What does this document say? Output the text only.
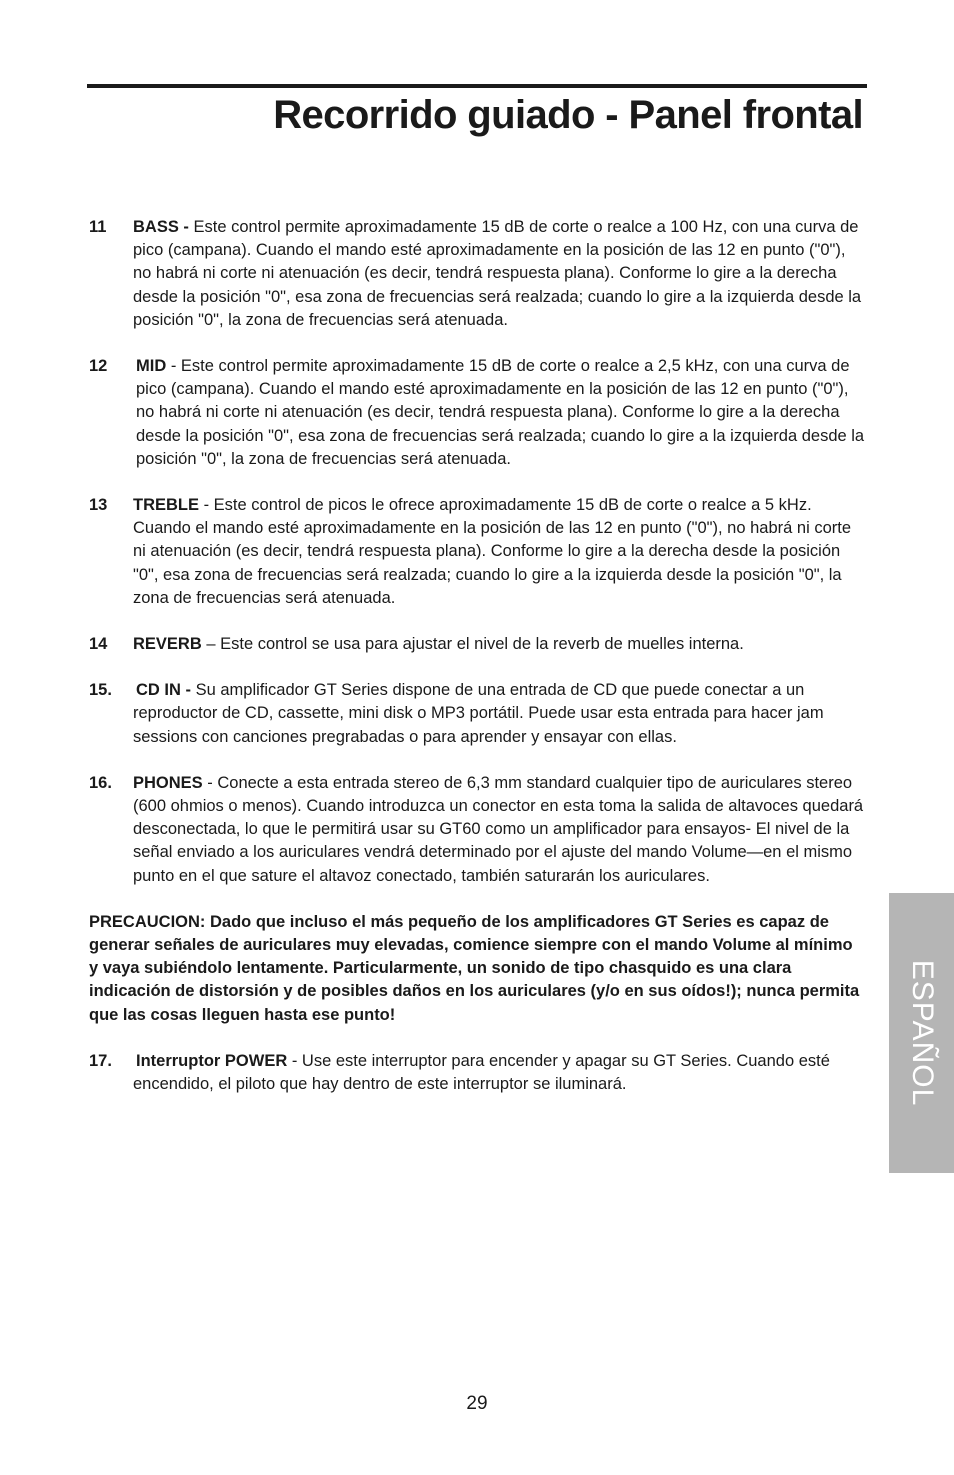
Recorrido guiado - Panel frontal
11	BASS - Este control permite aproximadamente 15 dB de corte o realce a 100 Hz, con una curva de pico (campana). Cuando el mando esté aproximadamente en la posición de las 12 en punto ("0"), no habrá ni corte ni atenuación (es decir, tendrá respuesta plana). Conforme lo gire a la derecha desde la posición "0", esa zona de frecuencias será realzada; cuando lo gire a la izquierda desde la posición "0", la zona de frecuencias será atenuada.
12	MID - Este control permite aproximadamente 15 dB de corte o realce a 2,5 kHz, con una curva de pico (campana). Cuando el mando esté aproximadamente en la posición de las 12 en punto ("0"), no habrá ni corte ni atenuación (es decir, tendrá respuesta plana). Conforme lo gire a la derecha desde la posición "0", esa zona de frecuencias será realzada; cuando lo gire a la izquierda desde la posición "0", la zona de frecuencias será atenuada.
13	TREBLE - Este control de picos le ofrece aproximadamente 15 dB de corte o realce a 5 kHz. Cuando el mando esté aproximadamente en la posición de las 12 en punto ("0"), no habrá ni corte ni atenuación (es decir, tendrá respuesta plana). Conforme lo gire a la derecha desde la posición "0", esa zona de frecuencias será realzada; cuando lo gire a la izquierda desde la posición "0", la zona de frecuencias será atenuada.
14	REVERB – Este control se usa para ajustar el nivel de la reverb de muelles interna.
15.	CD IN - Su amplificador GT Series dispone de una entrada de CD que puede conectar a un reproductor de CD, cassette, mini disk o MP3 portátil. Puede usar esta entrada para hacer jam sessions con canciones pregrabadas o para aprender y ensayar con ellas.
16.	PHONES - Conecte a esta entrada stereo de 6,3 mm standard cualquier tipo de auriculares stereo (600 ohmios o menos). Cuando introduzca un conector en esta toma la salida de altavoces quedará desconectada, lo que le permitirá usar su GT60 como un amplificador para ensayos- El nivel de la señal enviado a los auriculares vendrá determinado por el ajuste del mando Volume—en el mismo punto en el que sature el altavoz conectado, también saturarán los auriculares.

PRECAUCION: Dado que incluso el más pequeño de los amplificadores GT Series es capaz de generar señales de auriculares muy elevadas, comience siempre con el mando Volume al mínimo y vaya subiéndolo lentamente. Particularmente, un sonido de tipo chasquido es una clara indicación de distorsión y de posibles daños en los auriculares (y/o en sus oídos!); nunca permita que las cosas lleguen hasta ese punto!

17.	Interruptor POWER - Use este interruptor para encender y apagar su GT Series. Cuando esté encendido, el piloto que hay dentro de este interruptor se iluminará.	ESPAÑOL
29
